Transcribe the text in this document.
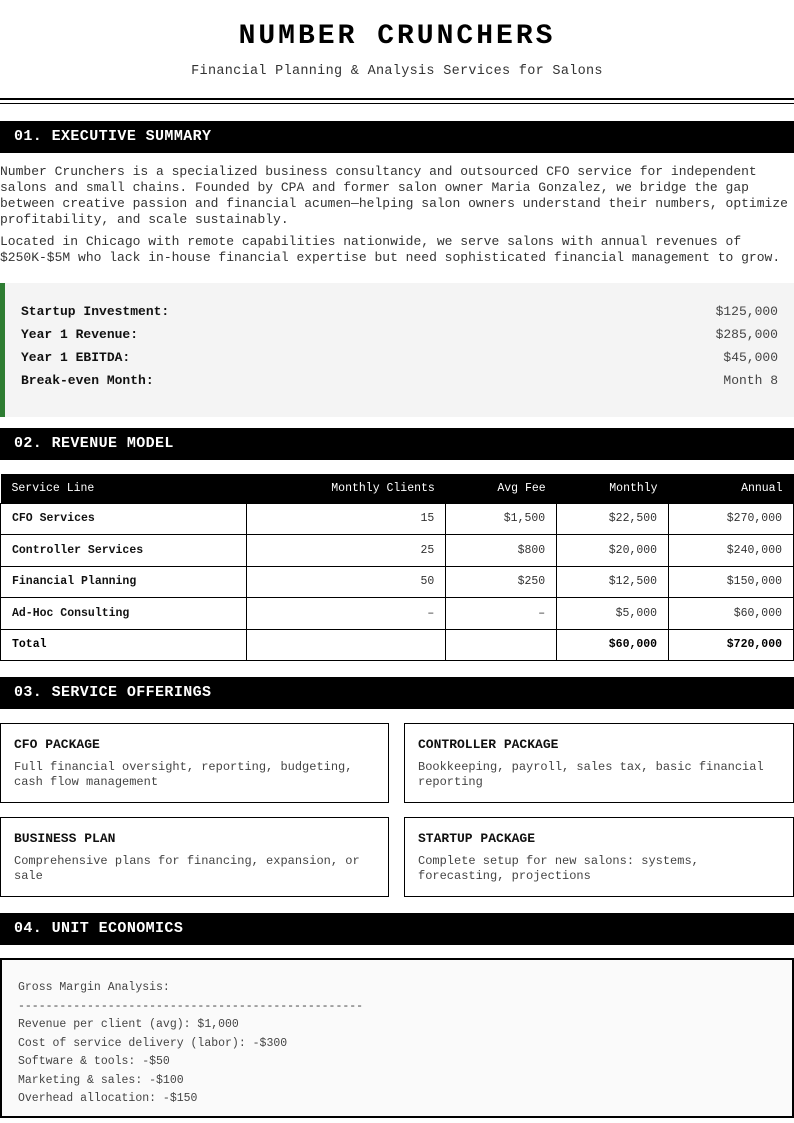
NUMBER CRUNCHERS
Financial Planning & Analysis Services for Salons
01. EXECUTIVE SUMMARY

Number Crunchers is a specialized business consultancy and outsourced CFO service for independent salons and small chains. Founded by CPA and former salon owner Maria Gonzalez, we bridge the gap between creative passion and financial acumen—helping salon owners understand their numbers, optimize profitability, and scale sustainably.

Located in Chicago with remote capabilities nationwide, we serve salons with annual revenues of $250K-$5M who lack in-house financial expertise but need sophisticated financial management to grow.

Startup Investment:	$125,000
Year 1 Revenue:	$285,000
Year 1 EBITDA:	$45,000
Break-even Month:	Month 8
02. REVENUE MODEL
Service Line	Monthly Clients	Avg Fee	Monthly	Annual
CFO Services	15	$1,500	$22,500	$270,000
Controller Services	25	$800	$20,000	$240,000
Financial Planning	50	$250	$12,500	$150,000
Ad-Hoc Consulting	–	–	$5,000	$60,000
Total			$60,000	$720,000
03. SERVICE OFFERINGS
CFO PACKAGE
Full financial oversight, reporting, budgeting, cash flow management
CONTROLLER PACKAGE
Bookkeeping, payroll, sales tax, basic financial reporting
BUSINESS PLAN
Comprehensive plans for financing, expansion, or sale
STARTUP PACKAGE
Complete setup for new salons: systems, forecasting, projections
04. UNIT ECONOMICS
Gross Margin Analysis:
--------------------------------------------------
Revenue per client (avg): $1,000
Cost of service delivery (labor): -$300
Software & tools: -$50
Marketing & sales: -$100
Overhead allocation: -$150
